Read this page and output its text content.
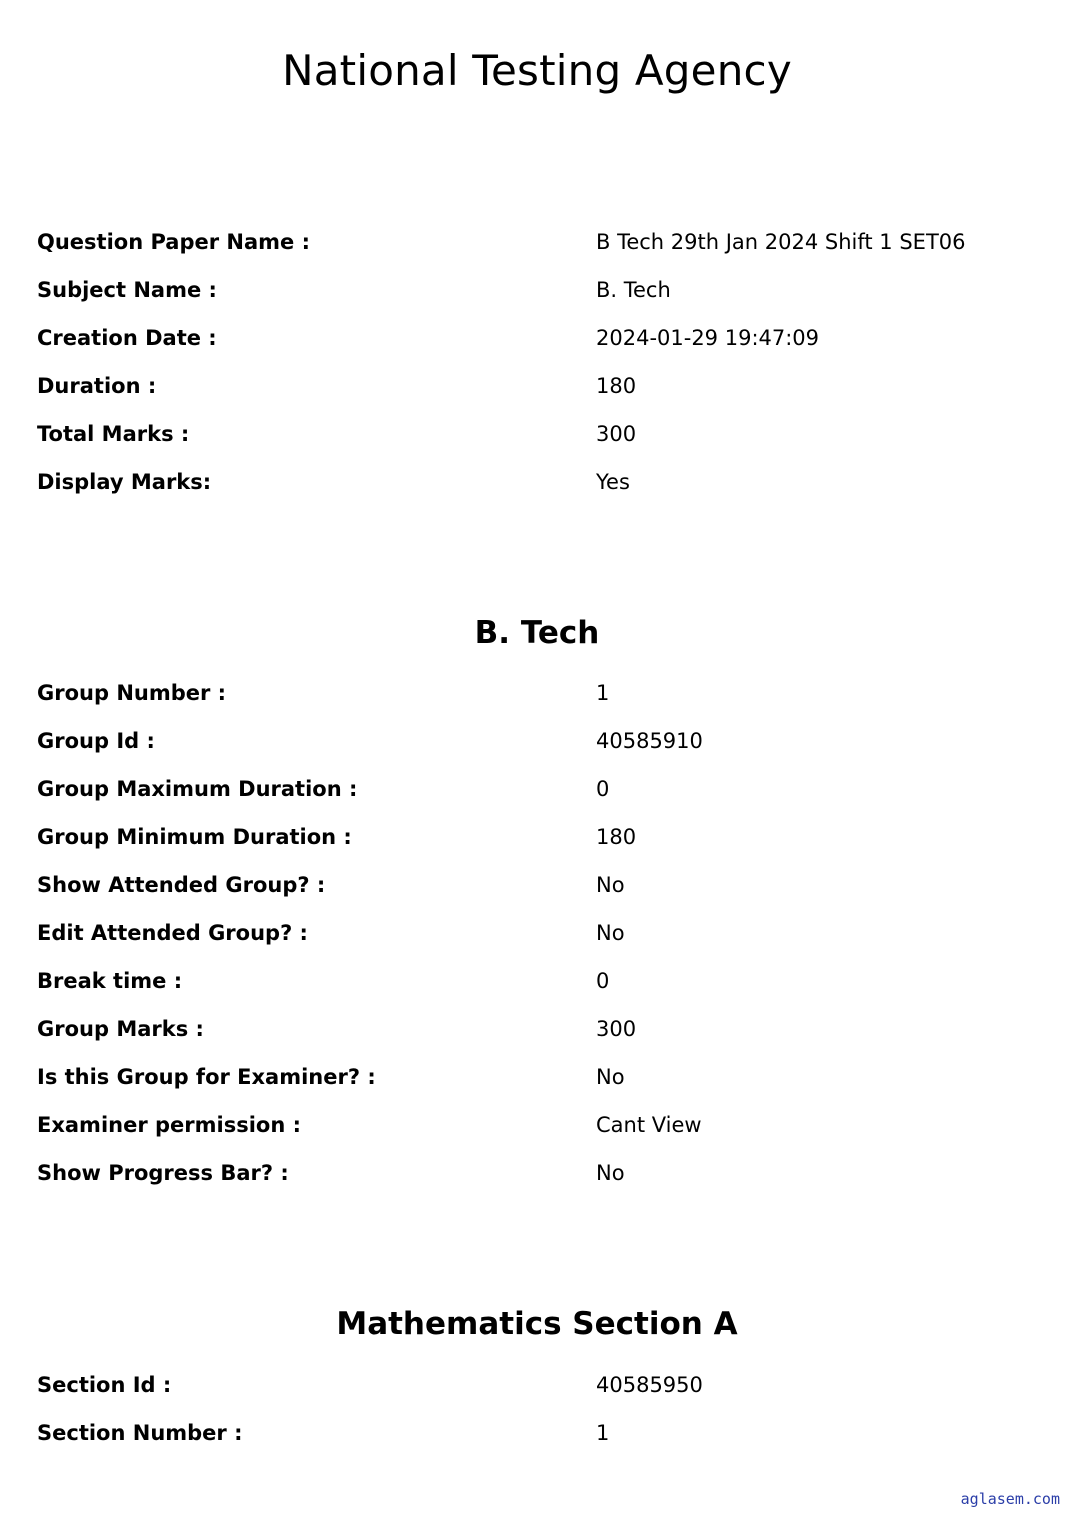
National Testing Agency
Question Paper Name :	B Tech 29th Jan 2024 Shift 1 SET06
Subject Name :	B. Tech
Creation Date :	2024-01-29 19:47:09
Duration :	180
Total Marks :	300
Display Marks:	Yes
B. Tech
Group Number :	1
Group Id :	40585910
Group Maximum Duration :	0
Group Minimum Duration :	180
Show Attended Group? :	No
Edit Attended Group? :	No
Break time :	0
Group Marks :	300
Is this Group for Examiner? :	No
Examiner permission :	Cant View
Show Progress Bar? :	No
Mathematics Section A
Section Id :	40585950
Section Number :	1
aglasem.com
